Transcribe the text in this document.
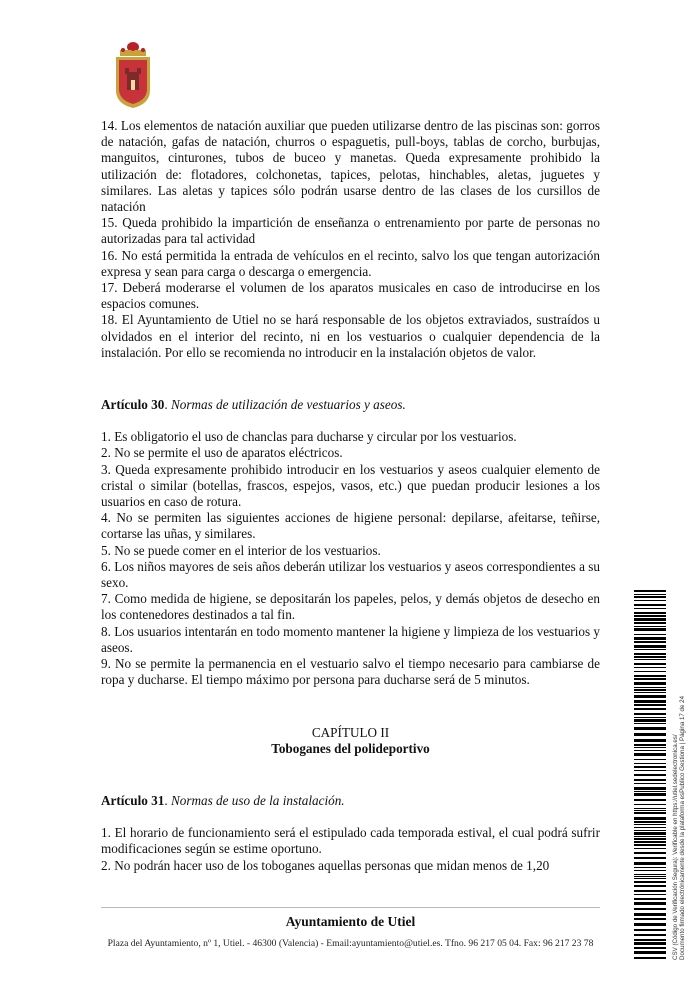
14. Los elementos de natación auxiliar que pueden utilizarse dentro de las piscinas son: gorros de natación, gafas de natación, churros o espaguetis, pull-boys, tablas de corcho, burbujas, manguitos, cinturones, tubos de buceo y manetas. Queda expresamente prohibido la utilización de: flotadores, colchonetas, tapices, pelotas, hinchables, aletas, juguetes y similares. Las aletas y tapices sólo podrán usarse dentro de las clases de los cursillos de natación

15. Queda prohibido la impartición de enseñanza o entrenamiento por parte de personas no autorizadas para tal actividad

16. No está permitida la entrada de vehículos en el recinto, salvo los que tengan autorización expresa y sean para carga o descarga o emergencia.

17. Deberá moderarse el volumen de los aparatos musicales en caso de introducirse en los espacios comunes.

18. El Ayuntamiento de Utiel no se hará responsable de los objetos extraviados, sustraídos u olvidados en el interior del recinto, ni en los vestuarios o cualquier dependencia de la instalación. Por ello se recomienda no introducir en la instalación objetos de valor.

Artículo 30. Normas de utilización de vestuarios y aseos.

1. Es obligatorio el uso de chanclas para ducharse y circular por los vestuarios.

2. No se permite el uso de aparatos eléctricos.

3. Queda expresamente prohibido introducir en los vestuarios y aseos cualquier elemento de cristal o similar (botellas, frascos, espejos, vasos, etc.) que puedan producir lesiones a los usuarios en caso de rotura.

4. No se permiten las siguientes acciones de higiene personal: depilarse, afeitarse, teñirse, cortarse las uñas, y similares.

5. No se puede comer en el interior de los vestuarios.

6. Los niños mayores de seis años deberán utilizar los vestuarios y aseos correspondientes a su sexo.

7. Como medida de higiene, se depositarán los papeles, pelos, y demás objetos de desecho en los contenedores destinados a tal fin.

8. Los usuarios intentarán en todo momento mantener la higiene y limpieza de los vestuarios y aseos.

9. No se permite la permanencia en el vestuario salvo el tiempo necesario para cambiarse de ropa y ducharse. El tiempo máximo por persona para ducharse será de 5 minutos.

CAPÍTULO II
Toboganes del polideportivo

Artículo 31. Normas de uso de la instalación.

1. El horario de funcionamiento será el estipulado cada temporada estival, el cual podrá sufrir modificaciones según se estime oportuno.

2. No podrán hacer uso de los toboganes aquellas personas que midan menos de 1,20

Ayuntamiento de Utiel
Plaza del Ayuntamiento, nº 1, Utiel. - 46300 (Valencia) - Email:ayuntamiento@utiel.es. Tfno. 96 217 05 04. Fax: 96 217 23 78	CSV (Código de Verificación Segura): Verificable en https://utiel.sedelectronica.es/ Documento firmado electrónicamente desde la plataforma esPublico Gestiona | Página 17 de 24
